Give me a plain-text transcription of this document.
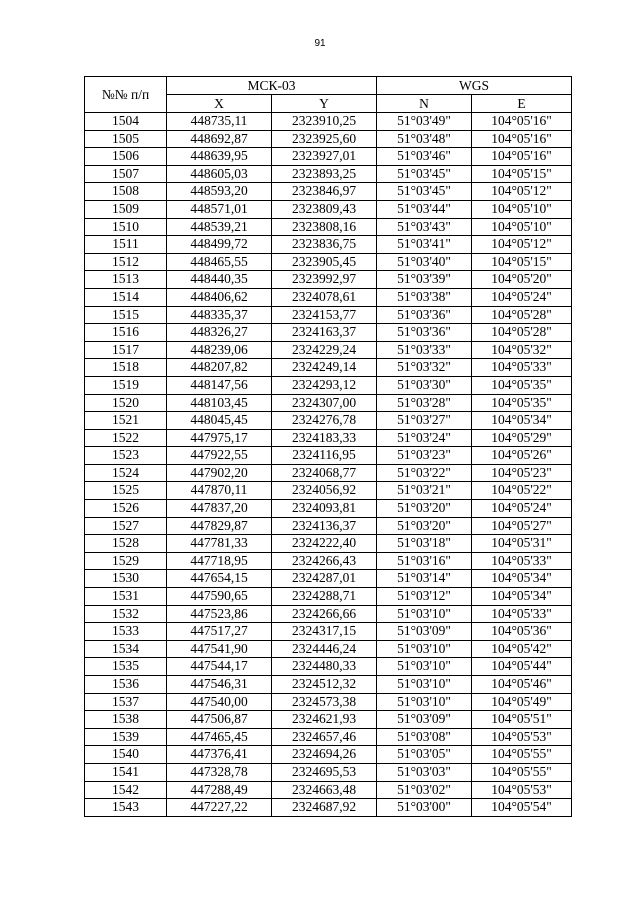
91
№№ п/п	МСК-03		WGS	
	X	Y	N	E
1504	448735,11	2323910,25	51°03'49"	104°05'16"
1505	448692,87	2323925,60	51°03'48"	104°05'16"
1506	448639,95	2323927,01	51°03'46"	104°05'16"
1507	448605,03	2323893,25	51°03'45"	104°05'15"
1508	448593,20	2323846,97	51°03'45"	104°05'12"
1509	448571,01	2323809,43	51°03'44"	104°05'10"
1510	448539,21	2323808,16	51°03'43"	104°05'10"
1511	448499,72	2323836,75	51°03'41"	104°05'12"
1512	448465,55	2323905,45	51°03'40"	104°05'15"
1513	448440,35	2323992,97	51°03'39"	104°05'20"
1514	448406,62	2324078,61	51°03'38"	104°05'24"
1515	448335,37	2324153,77	51°03'36"	104°05'28"
1516	448326,27	2324163,37	51°03'36"	104°05'28"
1517	448239,06	2324229,24	51°03'33"	104°05'32"
1518	448207,82	2324249,14	51°03'32"	104°05'33"
1519	448147,56	2324293,12	51°03'30"	104°05'35"
1520	448103,45	2324307,00	51°03'28"	104°05'35"
1521	448045,45	2324276,78	51°03'27"	104°05'34"
1522	447975,17	2324183,33	51°03'24"	104°05'29"
1523	447922,55	2324116,95	51°03'23"	104°05'26"
1524	447902,20	2324068,77	51°03'22"	104°05'23"
1525	447870,11	2324056,92	51°03'21"	104°05'22"
1526	447837,20	2324093,81	51°03'20"	104°05'24"
1527	447829,87	2324136,37	51°03'20"	104°05'27"
1528	447781,33	2324222,40	51°03'18"	104°05'31"
1529	447718,95	2324266,43	51°03'16"	104°05'33"
1530	447654,15	2324287,01	51°03'14"	104°05'34"
1531	447590,65	2324288,71	51°03'12"	104°05'34"
1532	447523,86	2324266,66	51°03'10"	104°05'33"
1533	447517,27	2324317,15	51°03'09"	104°05'36"
1534	447541,90	2324446,24	51°03'10"	104°05'42"
1535	447544,17	2324480,33	51°03'10"	104°05'44"
1536	447546,31	2324512,32	51°03'10"	104°05'46"
1537	447540,00	2324573,38	51°03'10"	104°05'49"
1538	447506,87	2324621,93	51°03'09"	104°05'51"
1539	447465,45	2324657,46	51°03'08"	104°05'53"
1540	447376,41	2324694,26	51°03'05"	104°05'55"
1541	447328,78	2324695,53	51°03'03"	104°05'55"
1542	447288,49	2324663,48	51°03'02"	104°05'53"
1543	447227,22	2324687,92	51°03'00"	104°05'54"
